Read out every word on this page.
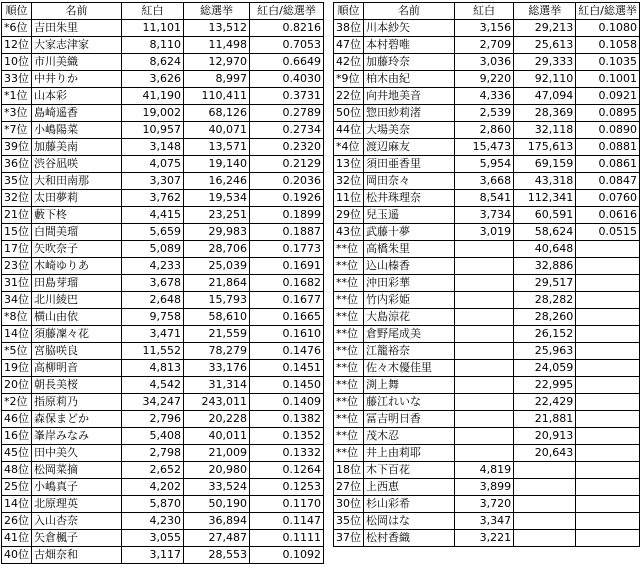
順位	名前	紅白	総選挙	紅白/総選挙
*6位	吉田朱里	11,101	13,512	0.8216
12位	大家志津家	8,110	11,498	0.7053
10位	市川美織	8,624	12,970	0.6649
33位	中井りか	3,626	8,997	0.4030
*1位	山本彩	41,190	110,411	0.3731
*3位	島崎遥香	19,002	68,126	0.2789
*7位	小嶋陽菜	10,957	40,071	0.2734
39位	加藤美南	3,148	13,571	0.2320
36位	渋谷凪咲	4,075	19,140	0.2129
35位	大和田南那	3,307	16,246	0.2036
32位	太田夢莉	3,762	19,534	0.1926
21位	藪下柊	4,415	23,251	0.1899
15位	白間美瑠	5,659	29,983	0.1887
17位	矢吹奈子	5,089	28,706	0.1773
23位	木崎ゆりあ	4,233	25,039	0.1691
31位	田島芽瑠	3,678	21,864	0.1682
34位	北川綾巴	2,648	15,793	0.1677
*8位	横山由依	9,758	58,610	0.1665
14位	須藤凜々花	3,471	21,559	0.1610
*5位	宮脇咲良	11,552	78,279	0.1476
19位	高柳明音	4,813	33,176	0.1451
20位	朝長美桜	4,542	31,314	0.1450
*2位	指原莉乃	34,247	243,011	0.1409
46位	森保まどか	2,796	20,228	0.1382
16位	峯岸みなみ	5,408	40,011	0.1352
45位	田中美久	2,798	21,009	0.1332
48位	松岡菜摘	2,652	20,980	0.1264
25位	小嶋真子	4,202	33,524	0.1253
14位	北原理英	5,870	50,190	0.1170
26位	入山杏奈	4,230	36,894	0.1147
41位	矢倉楓子	3,055	27,487	0.1111
40位	古畑奈和	3,117	28,553	0.1092
順位	名前	紅白	総選挙	紅白/総選挙
38位	川本紗矢	3,156	29,213	0.1080
47位	本村碧唯	2,709	25,613	0.1058
42位	加藤玲奈	3,036	29,333	0.1035
*9位	柏木由紀	9,220	92,110	0.1001
22位	向井地美音	4,336	47,094	0.0921
50位	惣田紗莉渚	2,539	28,369	0.0895
44位	大場美奈	2,860	32,118	0.0890
*4位	渡辺麻友	15,473	175,613	0.0881
13位	須田亜香里	5,954	69,159	0.0861
32位	岡田奈々	3,668	43,318	0.0847
11位	松井珠理奈	8,541	112,341	0.0760
29位	兒玉遥	3,734	60,591	0.0616
43位	武藤十夢	3,019	58,624	0.0515
**位	高橋朱里		40,648	
**位	込山榛香		32,886	
**位	沖田彩華		29,517	
**位	竹内彩姫		28,282	
**位	大島涼花		28,260	
**位	倉野尾成美		26,152	
**位	江籠裕奈		25,963	
**位	佐々木優佳里		24,059	
**位	渕上舞		22,995	
**位	藤江れいな		22,429	
**位	冨吉明日香		21,881	
**位	茂木忍		20,913	
**位	井上由莉耶		20,643	
18位	木下百花	4,819		
27位	上西恵	3,899		
30位	杉山彩希	3,720		
35位	松岡はな	3,347		
37位	松村香織	3,221		
